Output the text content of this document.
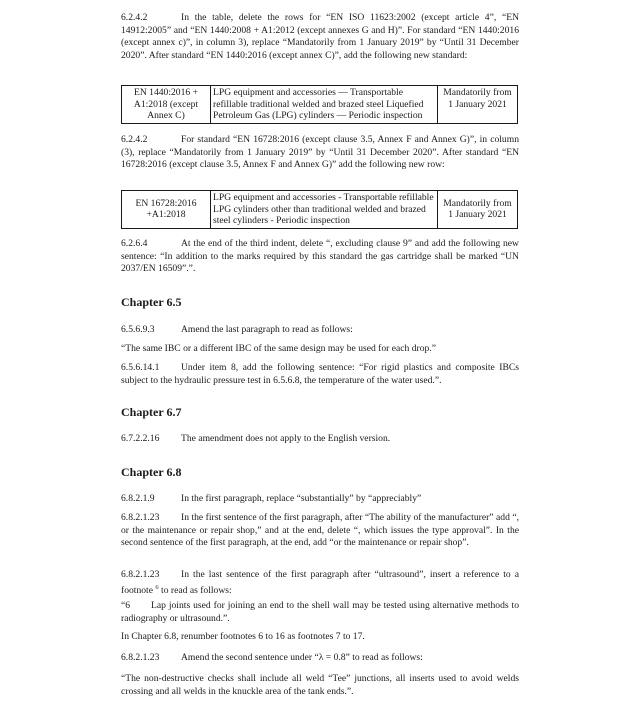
6.2.4.2	In the table, delete the rows for “EN ISO 11623:2002 (except article 4”, “EN 14912:2005” and “EN 1440:2008 + A1:2012 (except annexes G and H)”. For standard “EN 1440:2016 (except annex c)”, in column 3), replace “Mandatorily from 1 January 2019” by “Until 31 December 2020”. After standard “EN 1440:2016 (except annex C)”, add the following new standard:

EN 1440:2016 + A1:2018 (except Annex C)	LPG equipment and accessories — Transportable refillable traditional welded and brazed steel Liquefied Petroleum Gas (LPG) cylinders — Periodic inspection	Mandatorily from 1 January 2021

6.2.4.2	For standard “EN 16728:2016 (except clause 3.5, Annex F and Annex G)”, in column (3), replace “Mandatorily from 1 January 2019” by “Until 31 December 2020”. After standard “EN 16728:2016 (except clause 3.5, Annex F and Annex G)” add the following new row:

EN 16728:2016 +A1:2018	LPG equipment and accessories - Transportable refillable LPG cylinders other than traditional welded and brazed steel cylinders - Periodic inspection	Mandatorily from 1 January 2021

6.2.6.4	At the end of the third indent, delete “, excluding clause 9” and add the following new sentence: “In addition to the marks required by this standard the gas cartridge shall be marked “UN 2037/EN 16509”.”.

Chapter 6.5

6.5.6.9.3	Amend the last paragraph to read as follows:

“The same IBC or a different IBC of the same design may be used for each drop.”

6.5.6.14.1 Under item 8, add the following sentence: “For rigid plastics and composite IBCs subject to the hydraulic pressure test in 6.5.6.8, the temperature of the water used.”.

Chapter 6.7

6.7.2.2.16 The amendment does not apply to the English version.

Chapter 6.8

6.8.2.1.9	In the first paragraph, replace “substantially” by “appreciably”

6.8.2.1.23 In the first sentence of the first paragraph, after “The ability of the manufacturer” add “, or the maintenance or repair shop,” and at the end, delete “, which issues the type approval”. In the second sentence of the first paragraph, at the end, add “or the maintenance or repair shop”.

6.8.2.1.23 In the last sentence of the first paragraph after “ultrasound”, insert a reference to a footnote $^6$ to read as follows:

“6 Lap joints used for joining an end to the shell wall may be tested using alternative methods to radiography or ultrasound.”.

In Chapter 6.8, renumber footnotes 6 to 16 as footnotes 7 to 17.

6.8.2.1.23 Amend the second sentence under “λ = 0.8” to read as follows:

“The non-destructive checks shall include all weld “Tee” junctions, all inserts used to avoid welds crossing and all welds in the knuckle area of the tank ends.”.
